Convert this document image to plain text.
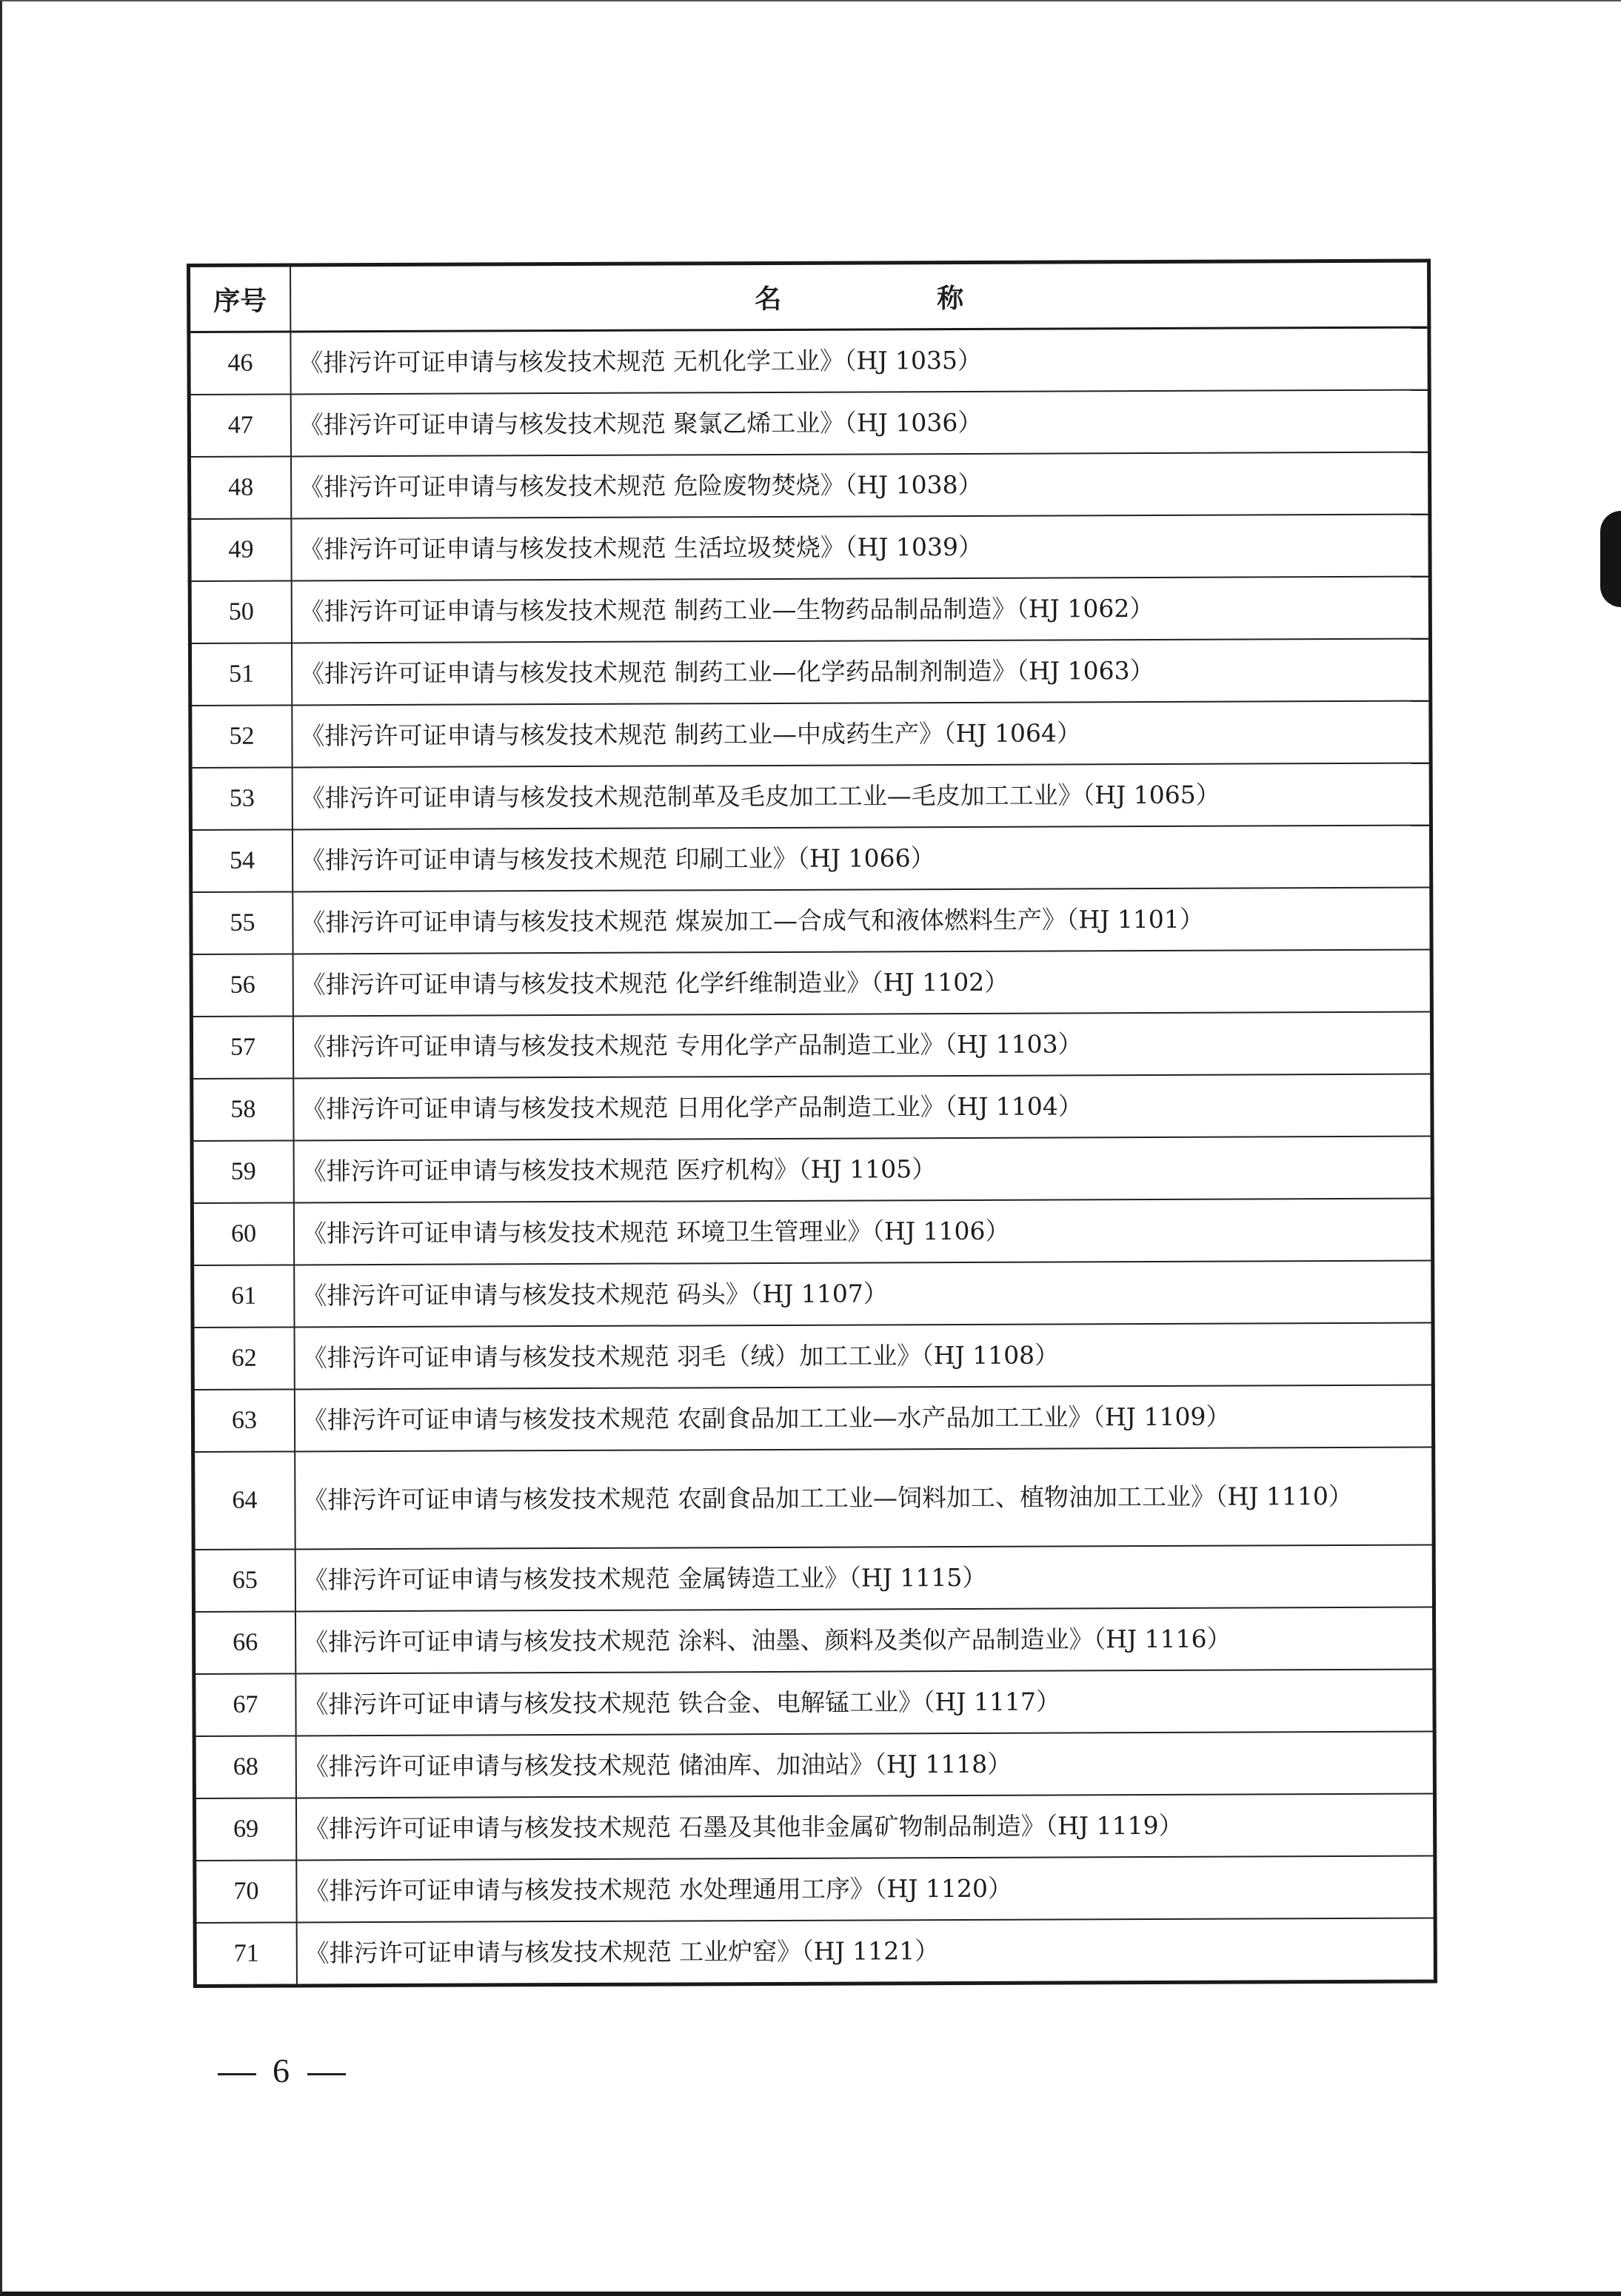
序号	名 称
46	《排污许可证申请与核发技术规范 无机化学工业》（HJ 1035）
47	《排污许可证申请与核发技术规范 聚氯乙烯工业》（HJ 1036）
48	《排污许可证申请与核发技术规范 危险废物焚烧》（HJ 1038）
49	《排污许可证申请与核发技术规范 生活垃圾焚烧》（HJ 1039）
50	《排污许可证申请与核发技术规范 制药工业—生物药品制品制造》（HJ 1062）
51	《排污许可证申请与核发技术规范 制药工业—化学药品制剂制造》（HJ 1063）
52	《排污许可证申请与核发技术规范 制药工业—中成药生产》（HJ 1064）
53	《排污许可证申请与核发技术规范制革及毛皮加工工业—毛皮加工工业》（HJ 1065）
54	《排污许可证申请与核发技术规范 印刷工业》（HJ 1066）
55	《排污许可证申请与核发技术规范 煤炭加工—合成气和液体燃料生产》（HJ 1101）
56	《排污许可证申请与核发技术规范 化学纤维制造业》（HJ 1102）
57	《排污许可证申请与核发技术规范 专用化学产品制造工业》（HJ 1103）
58	《排污许可证申请与核发技术规范 日用化学产品制造工业》（HJ 1104）
59	《排污许可证申请与核发技术规范 医疗机构》（HJ 1105）
60	《排污许可证申请与核发技术规范 环境卫生管理业》（HJ 1106）
61	《排污许可证申请与核发技术规范 码头》（HJ 1107）
62	《排污许可证申请与核发技术规范 羽毛（绒）加工工业》（HJ 1108）
63	《排污许可证申请与核发技术规范 农副食品加工工业—水产品加工工业》（HJ 1109）
64	《排污许可证申请与核发技术规范 农副食品加工工业—饲料加工、植物油加工工业》（HJ 1110）
65	《排污许可证申请与核发技术规范 金属铸造工业》（HJ 1115）
66	《排污许可证申请与核发技术规范 涂料、油墨、颜料及类似产品制造业》（HJ 1116）
67	《排污许可证申请与核发技术规范 铁合金、电解锰工业》（HJ 1117）
68	《排污许可证申请与核发技术规范 储油库、加油站》（HJ 1118）
69	《排污许可证申请与核发技术规范 石墨及其他非金属矿物制品制造》（HJ 1119）
70	《排污许可证申请与核发技术规范 水处理通用工序》（HJ 1120）
71	《排污许可证申请与核发技术规范 工业炉窑》（HJ 1121）
6
